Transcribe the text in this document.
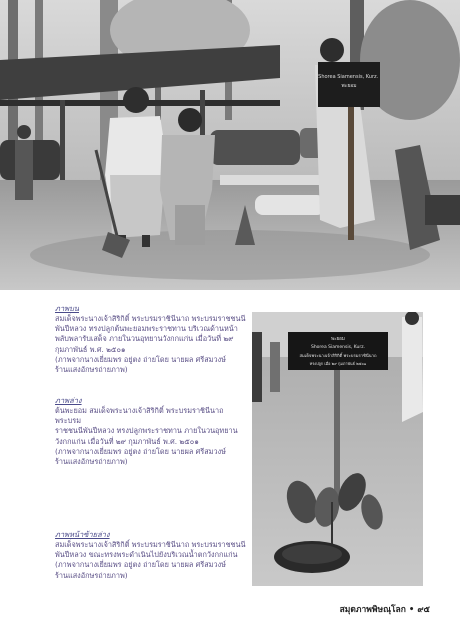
Shorea Siamensis, Kurz. พะยอม
ภาพบน
สมเด็จพระนางเจ้าสิริกิติ์ พระบรมราชินีนาถ พระบรมราชชนนี
พันปีหลวง ทรงปลูกต้นพะยอมพระราชทาน บริเวณด้านหน้า
พลับพลารับเสด็จ ภายในวนอุทยานวังกกแก่น เมื่อวันที่ ๒๙
กุมภาพันธ์ พ.ศ. ๒๕๐๑
(ภาพจากนางเยี่ยมพร อยู่ตง ถ่ายโดย นายผล ศรีสมวงษ์
ร้านแสงอักษรถ่ายภาพ)
ภาพล่าง
ต้นพะยอม สมเด็จพระนางเจ้าสิริกิติ์ พระบรมราชินีนาถ พระบรม
ราชชนนีพันปีหลวง ทรงปลูกพระราชทาน ภายในวนอุทยาน
วังกกแก่น เมื่อวันที่ ๒๙ กุมภาพันธ์ พ.ศ. ๒๕๐๑
(ภาพจากนางเยี่ยมพร อยู่ตง ถ่ายโดย นายผล ศรีสมวงษ์
ร้านแสงอักษรถ่ายภาพ)
ภาพหน้าซ้ายล่าง
สมเด็จพระนางเจ้าสิริกิติ์ พระบรมราชินีนาถ พระบรมราชชนนี
พันปีหลวง ขณะทรงพระดำเนินไปยังบริเวณน้ำตกวังกกแก่น
(ภาพจากนางเยี่ยมพร อยู่ตง ถ่ายโดย นายผล ศรีสมวงษ์
ร้านแสงอักษรถ่ายภาพ)
พะยอม
Shorea Siamensis, Kurz.
สมเด็จพระนางเจ้าสิริกิติ์ พระบรมราชินีนาถ
ทรงปลูก เมื่อ ๒๙ กุมภาพันธ์ ๒๕๐๑
สมุดภาพพิษณุโลก • ๙๕
